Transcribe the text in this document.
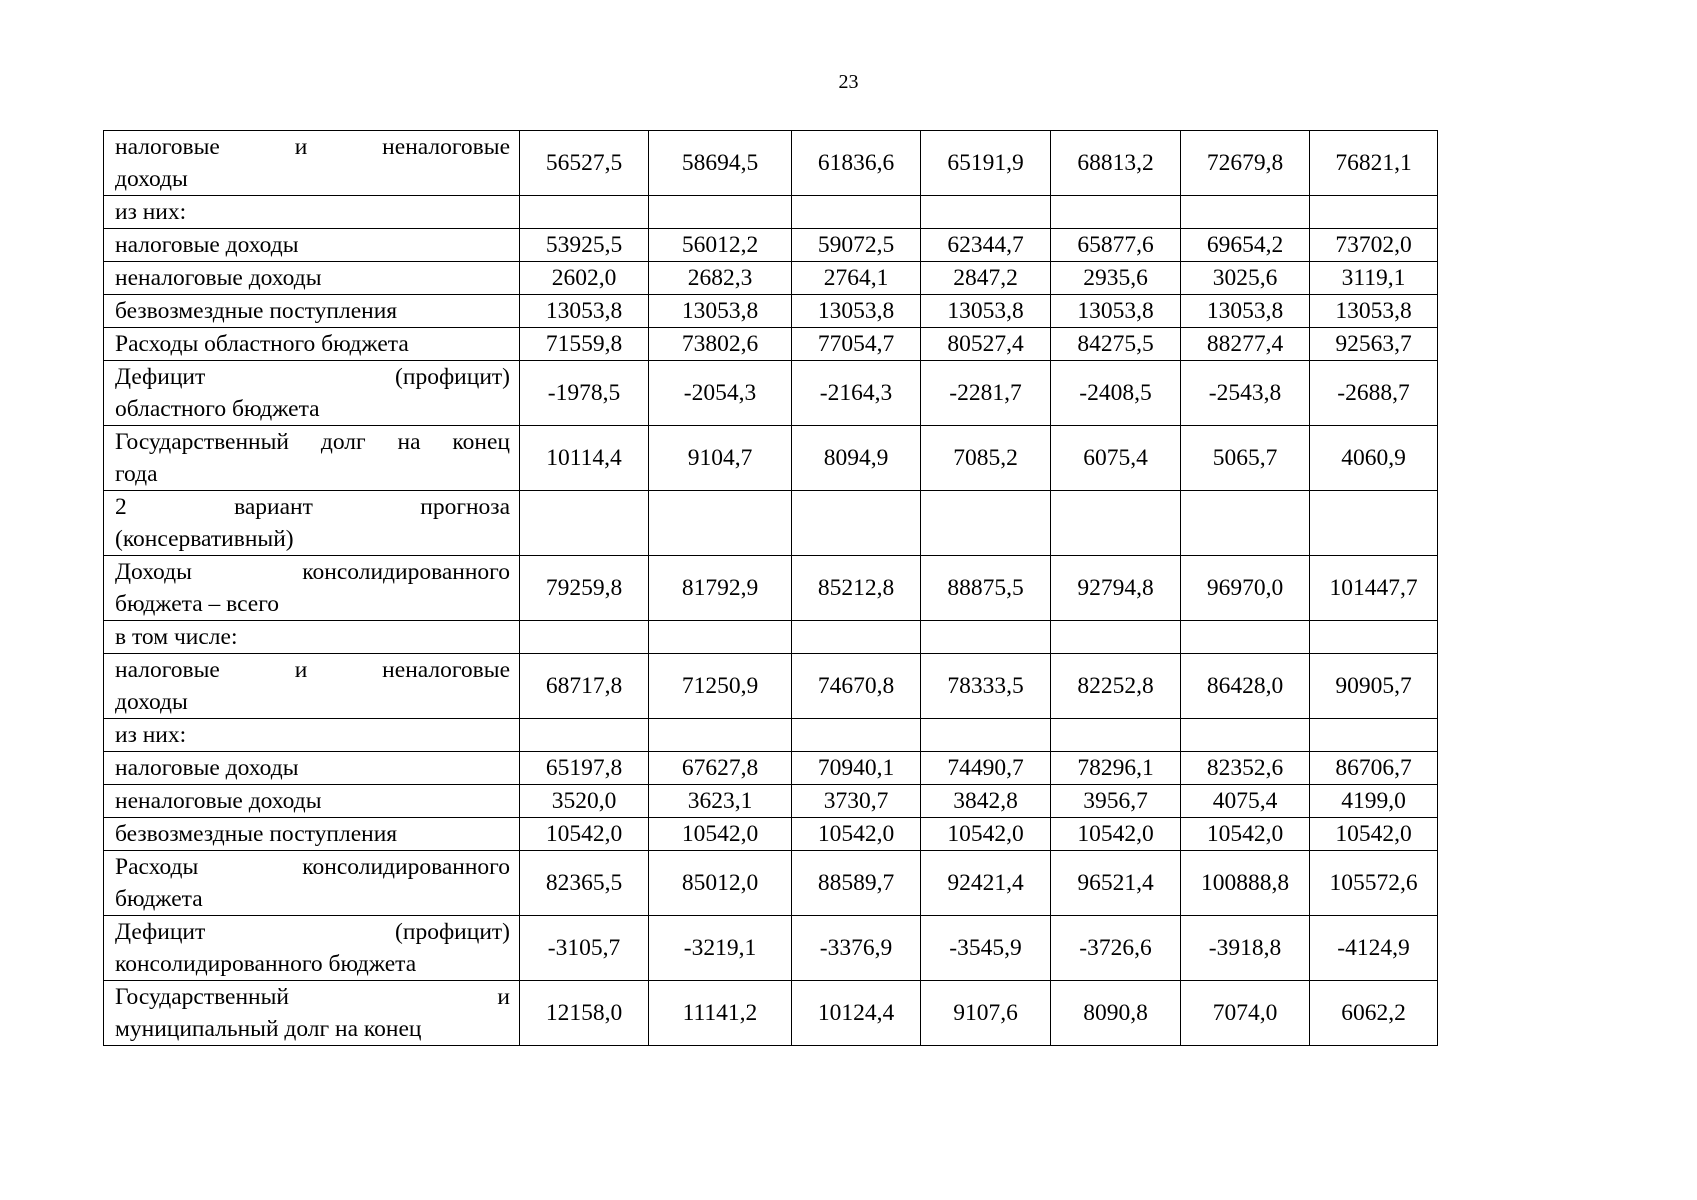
23
налоговые и неналоговые
доходы	56527,5	58694,5	61836,6	65191,9	68813,2	72679,8	76821,1

из них:							

налоговые доходы	53925,5	56012,2	59072,5	62344,7	65877,6	69654,2	73702,0

неналоговые доходы	2602,0	2682,3	2764,1	2847,2	2935,6	3025,6	3119,1

безвозмездные поступления	13053,8	13053,8	13053,8	13053,8	13053,8	13053,8	13053,8

Расходы областного бюджета	71559,8	73802,6	77054,7	80527,4	84275,5	88277,4	92563,7

Дефицит (профицит)
областного бюджета	-1978,5	-2054,3	-2164,3	-2281,7	-2408,5	-2543,8	-2688,7

Государственный долг на конец
года	10114,4	9104,7	8094,9	7085,2	6075,4	5065,7	4060,9

2 вариант прогноза
(консервативный)							

Доходы консолидированного
бюджета – всего	79259,8	81792,9	85212,8	88875,5	92794,8	96970,0	101447,7

в том числе:							

налоговые и неналоговые
доходы	68717,8	71250,9	74670,8	78333,5	82252,8	86428,0	90905,7

из них:							

налоговые доходы	65197,8	67627,8	70940,1	74490,7	78296,1	82352,6	86706,7

неналоговые доходы	3520,0	3623,1	3730,7	3842,8	3956,7	4075,4	4199,0

безвозмездные поступления	10542,0	10542,0	10542,0	10542,0	10542,0	10542,0	10542,0

Расходы консолидированного
бюджета	82365,5	85012,0	88589,7	92421,4	96521,4	100888,8	105572,6

Дефицит (профицит)
консолидированного бюджета	-3105,7	-3219,1	-3376,9	-3545,9	-3726,6	-3918,8	-4124,9

Государственный и
муниципальный долг на конец	12158,0	11141,2	10124,4	9107,6	8090,8	7074,0	6062,2
